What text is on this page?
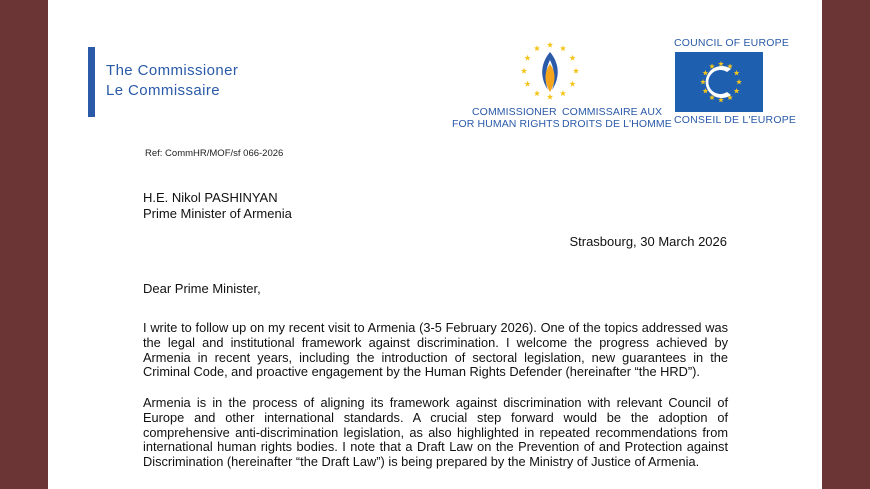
The Commissioner
Le Commissaire
COMMISSIONER
FOR HUMAN RIGHTS
COMMISSAIRE AUX
DROITS DE L'HOMME
COUNCIL OF EUROPE
CONSEIL DE L'EUROPE
Ref: CommHR/MOF/sf 066-2026
H.E. Nikol PASHINYAN
Prime Minister of Armenia
Strasbourg, 30 March 2026
Dear Prime Minister,

I write to follow up on my recent visit to Armenia (3-5 February 2026). One of the topics addressed was the legal and institutional framework against discrimination. I welcome the progress achieved by Armenia in recent years, including the introduction of sectoral legislation, new guarantees in the Criminal Code, and proactive engagement by the Human Rights Defender (hereinafter “the HRD”).

Armenia is in the process of aligning its framework against discrimination with relevant Council of Europe and other international standards. A crucial step forward would be the adoption of comprehensive anti-discrimination legislation, as also highlighted in repeated recommendations from international human rights bodies. I note that a Draft Law on the Prevention of and Protection against Discrimination (hereinafter “the Draft Law”) is being prepared by the Ministry of Justice of Armenia.
